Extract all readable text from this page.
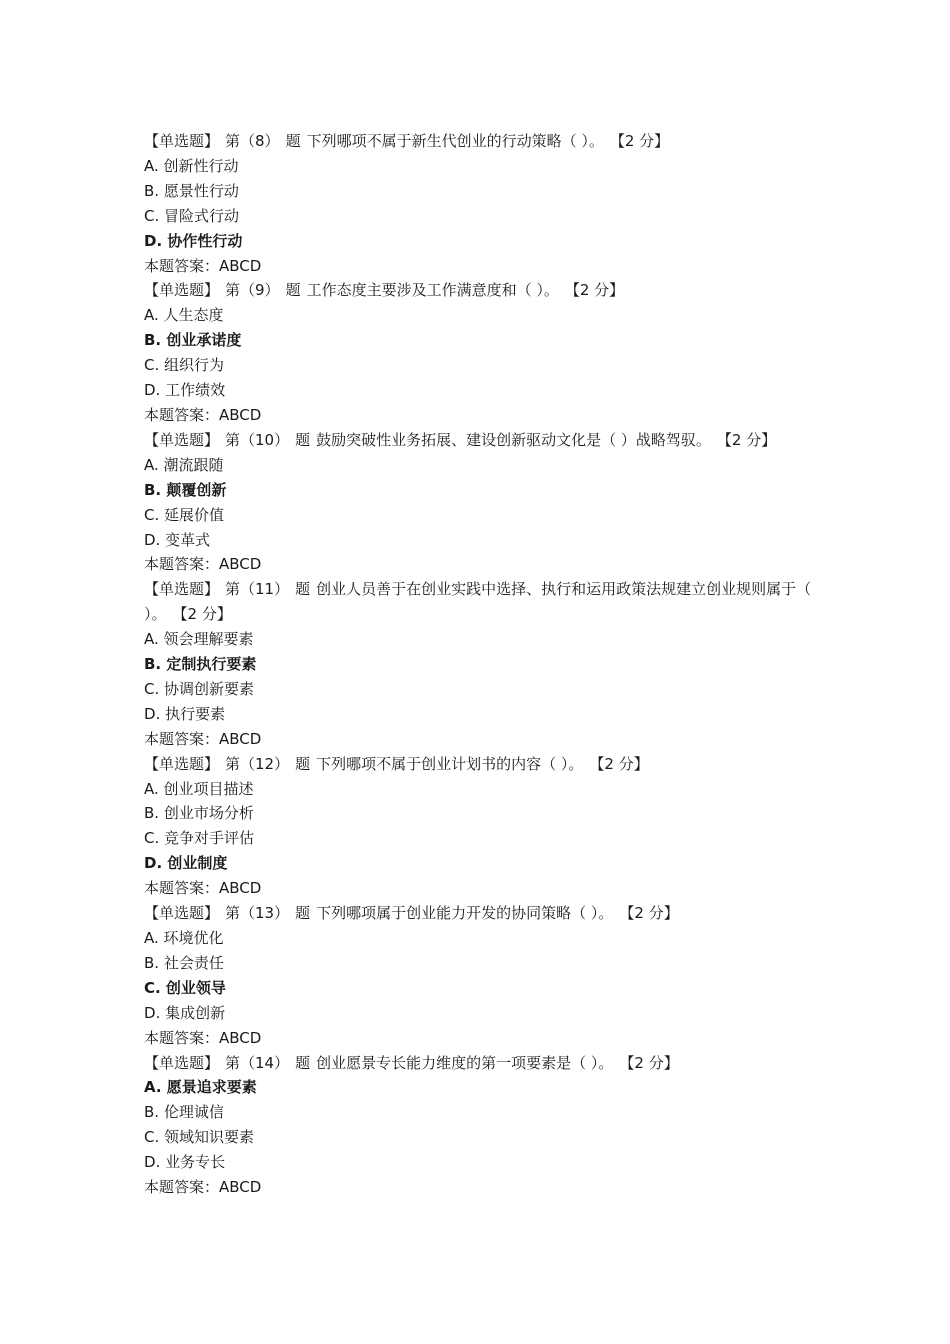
【单选题】 第（8） 题 下列哪项不属于新生代创业的行动策略（ ）。 【2 分】
A. 创新性行动
B. 愿景性行动
C. 冒险式行动
D. 协作性行动
本题答案：ABCD
【单选题】 第（9） 题 工作态度主要涉及工作满意度和（ ）。 【2 分】
A. 人生态度
B. 创业承诺度
C. 组织行为
D. 工作绩效
本题答案：ABCD
【单选题】 第（10） 题 鼓励突破性业务拓展、建设创新驱动文化是（ ）战略驾驭。 【2 分】
A. 潮流跟随
B. 颠覆创新
C. 延展价值
D. 变革式
本题答案：ABCD
【单选题】 第（11） 题 创业人员善于在创业实践中选择、执行和运用政策法规建立创业规则属于（ ）。 【2 分】
A. 领会理解要素
B. 定制执行要素
C. 协调创新要素
D. 执行要素
本题答案：ABCD
【单选题】 第（12） 题 下列哪项不属于创业计划书的内容（ ）。 【2 分】
A. 创业项目描述
B. 创业市场分析
C. 竞争对手评估
D. 创业制度
本题答案：ABCD
【单选题】 第（13） 题 下列哪项属于创业能力开发的协同策略（ ）。 【2 分】
A. 环境优化
B. 社会责任
C. 创业领导
D. 集成创新
本题答案：ABCD
【单选题】 第（14） 题 创业愿景专长能力维度的第一项要素是（ ）。 【2 分】
A. 愿景追求要素
B. 伦理诚信
C. 领域知识要素
D. 业务专长
本题答案：ABCD
